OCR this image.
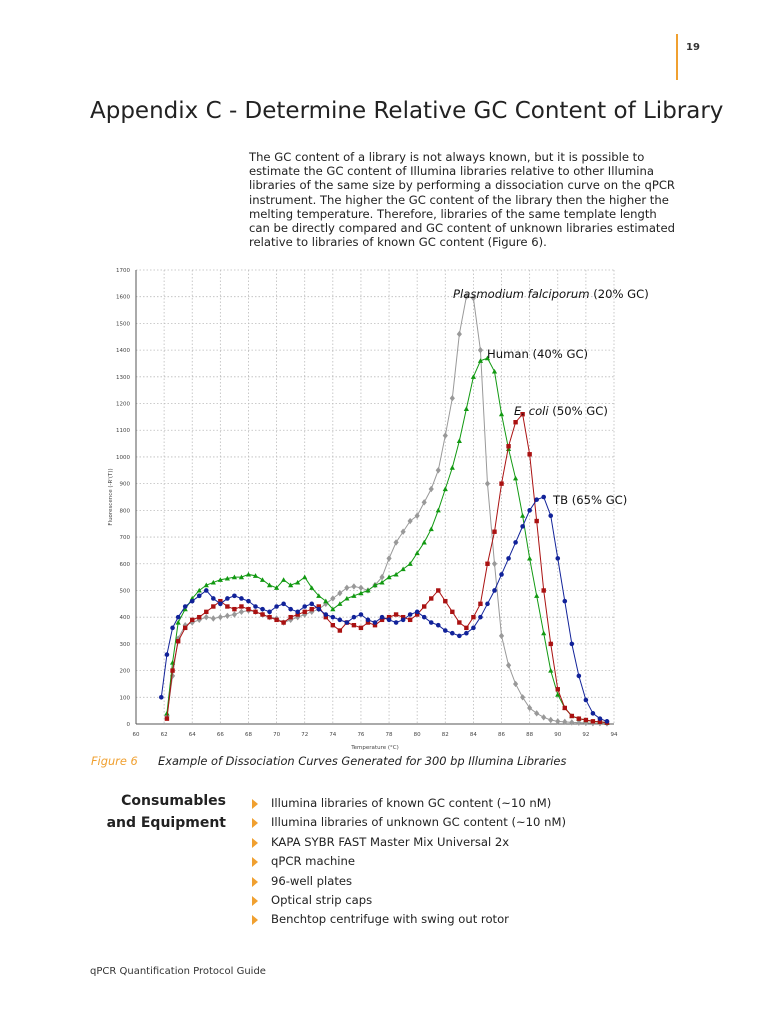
19
Appendix C - Determine Relative GC Content of Library

The GC content of a library is not always known, but it is possible to estimate the GC content of Illumina libraries relative to other Illumina libraries of the same size by performing a dissociation curve on the qPCR instrument. The higher the GC content of the library then the higher the melting temperature. Therefore, libraries of the same template length can be directly compared and GC content of unknown libraries estimated relative to libraries of known GC content (Figure 6).

60	62	64	66	68	70	72	74	76	78	80	82	84	86	88	90	92	94
0
100
200
300
400
500
600
700
800
900
1000
1100
1200
1300
1400
1500
1600
1700
Temperature (°C)
Fluorescence (-R'(T))
Plasmodium falciporum (20% GC)
Human (40% GC)
E. coli (50% GC)
TB (65% GC)
Figure 6 Example of Dissociation Curves Generated for 300 bp Illumina Libraries
Consumables and Equipment
Illumina libraries of known GC content (~10 nM)
Illumina libraries of unknown GC content (~10 nM)
KAPA SYBR FAST Master Mix Universal 2x
qPCR machine
96-well plates
Optical strip caps
Benchtop centrifuge with swing out rotor
qPCR Quantification Protocol Guide
